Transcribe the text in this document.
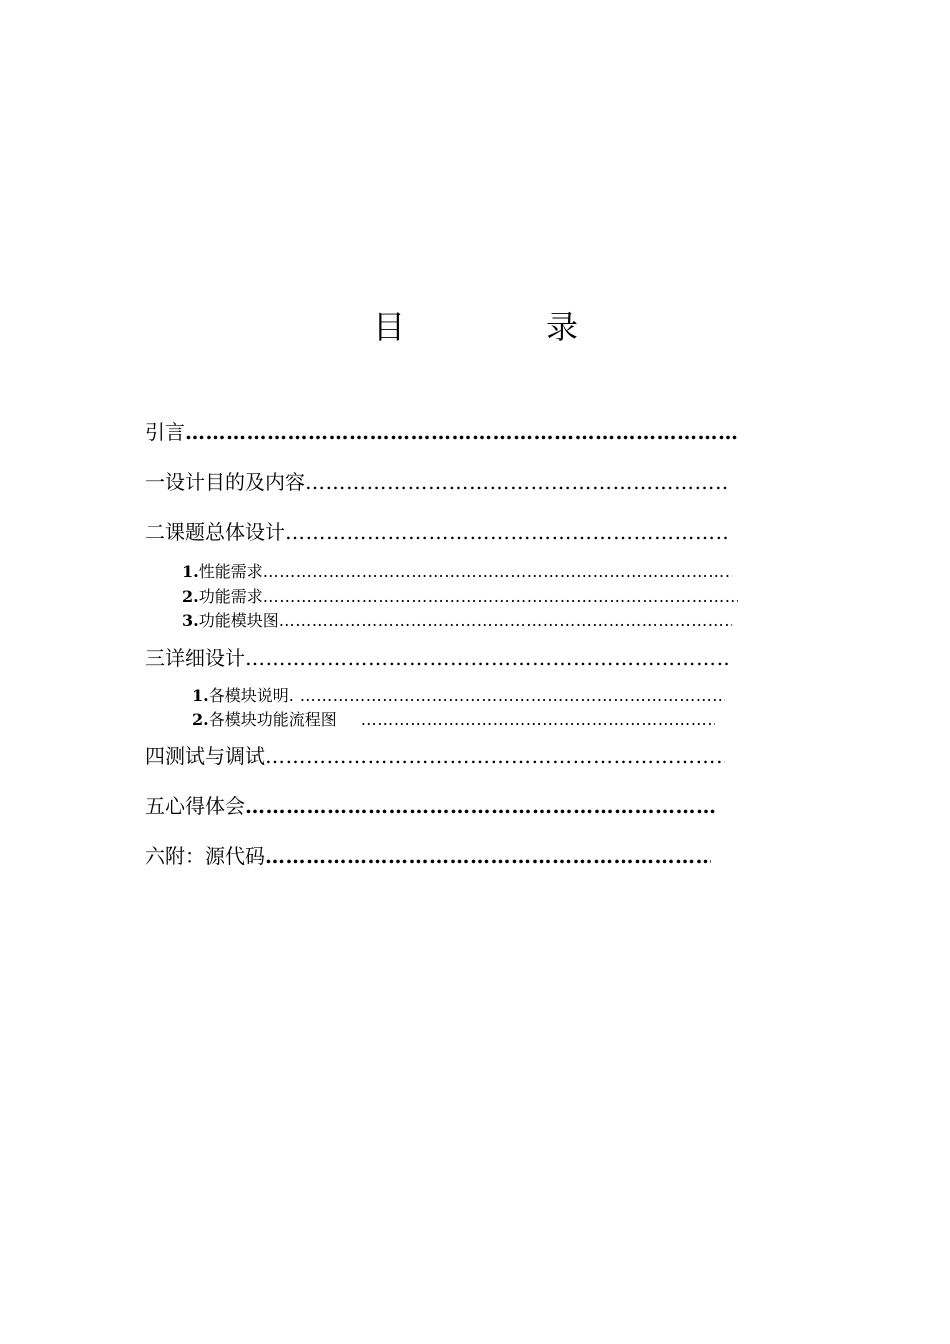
目	录
引言
………………………………………………………………………………………………………………………………………………………………
一 设计目的及内容
………………………………………………………………………………………………………………………………………………………………
二 课题总体设计
………………………………………………………………………………………………………………………………………………………………
1. 性能需求
………………………………………………………………………………………………………………………………………………………………
2. 功能需求
………………………………………………………………………………………………………………………………………………………………
3. 功能模块图
………………………………………………………………………………………………………………………………………………………………
三 详细设计
………………………………………………………………………………………………………………………………………………………………
1. 各模块说明.
………………………………………………………………………………………………………………………………………………………………
2. 各模块功能流程图
………………………………………………………………………………………………………………………………………………………………
四 测试与调试
………………………………………………………………………………………………………………………………………………………………
五 心得体会
………………………………………………………………………………………………………………………………………………………………
六 附：源代码
………………………………………………………………………………………………………………………………………………………………
